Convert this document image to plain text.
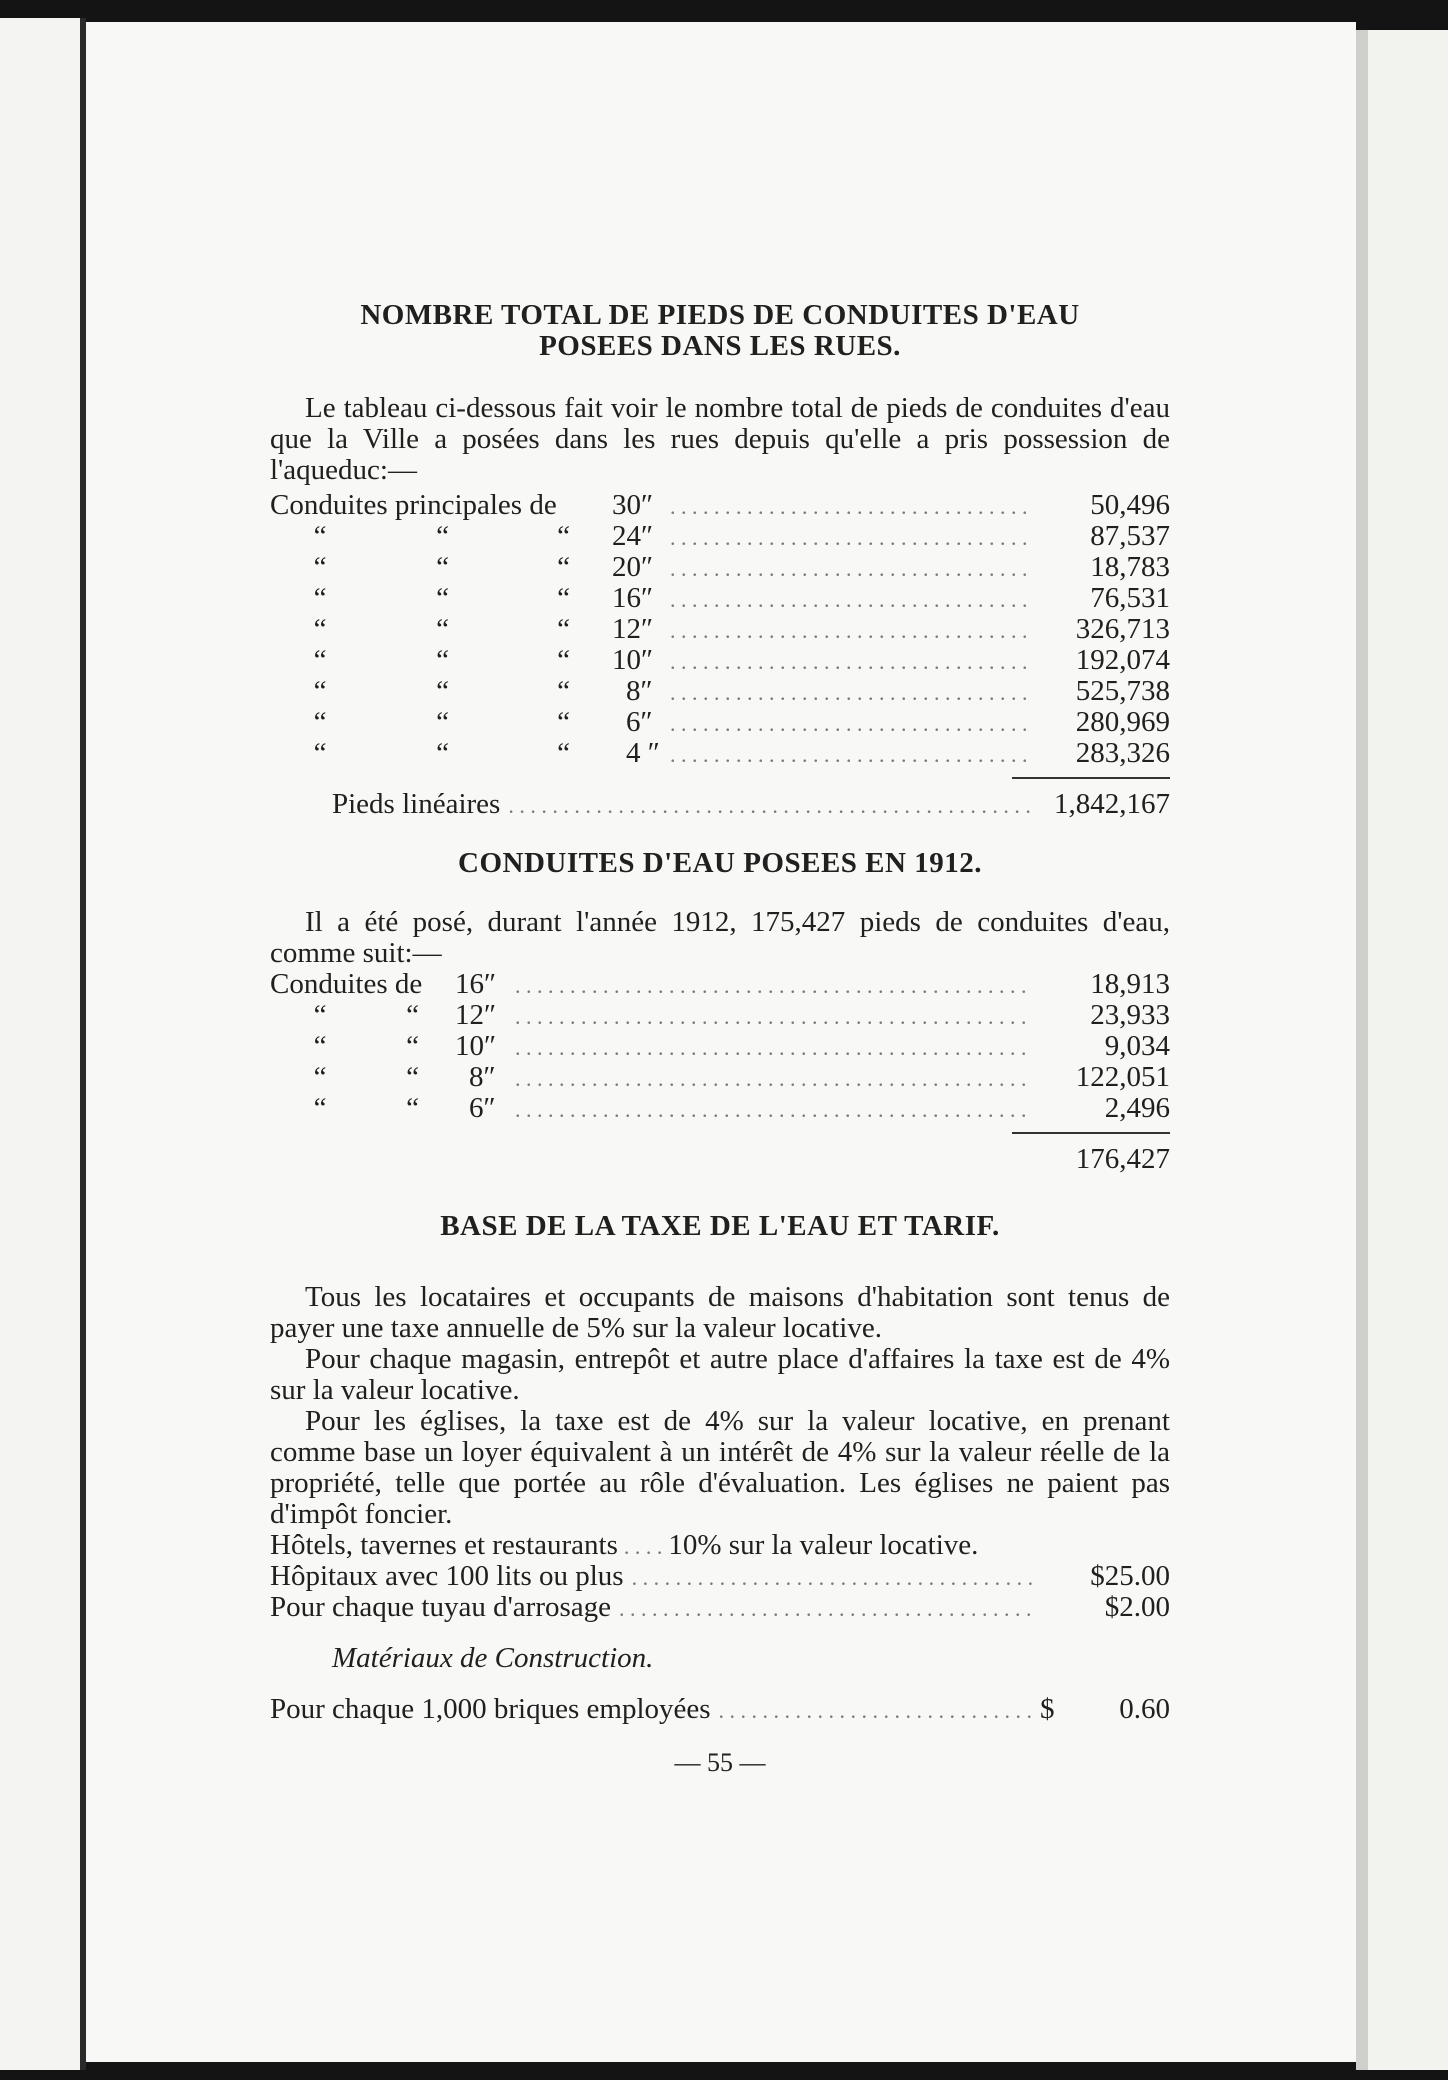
NOMBRE TOTAL DE PIEDS DE CONDUITES D'EAU
POSEES DANS LES RUES.

Le tableau ci-dessous fait voir le nombre total de pieds de conduites d'eau que la Ville a posées dans les rues depuis qu'elle a pris possession de l'aqueduc:—

Conduites principales de	30″ . . .	50,496
“	“	“	24″ . . .	87,537
“	“	“	20″ . . .	18,783
“	“	“	16″ . . .	76,531
“	“	“	12″ . . .	326,713
“	“	“	10″ . . .	192,074
“	“	“	8″ . . .	525,738
“	“	“	6″ . . .	280,969
“	“	“	4 ″ . . .	283,326
Pieds linéaires . . .	1,842,167
CONDUITES D'EAU POSEES EN 1912.

Il a été posé, durant l'année 1912, 175,427 pieds de conduites d'eau, comme suit:—

Conduites de	16″ . . .	18,913
“	“	12″ . . .	23,933
“	“	10″ . . .	9,034
“	“	8″ . . .	122,051
“	“	6″ . . .	2,496
176,427
BASE DE LA TAXE DE L'EAU ET TARIF.

Tous les locataires et occupants de maisons d'habitation sont tenus de payer une taxe annuelle de 5% sur la valeur locative.

Pour chaque magasin, entrepôt et autre place d'affaires la taxe est de 4% sur la valeur locative.

Pour les églises, la taxe est de 4% sur la valeur locative, en prenant comme base un loyer équivalent à un intérêt de 4% sur la valeur réelle de la propriété, telle que portée au rôle d'évaluation. Les églises ne paient pas d'impôt foncier.

Hôtels, tavernes et restaurants . . . . 10% sur la valeur locative.
Hôpitaux avec 100 lits ou plus . . .	$25.00
Pour chaque tuyau d'arrosage . . .	$2.00

Matériaux de Construction.

Pour chaque 1,000 briques employées . . .	$	0.60

— 55 —
